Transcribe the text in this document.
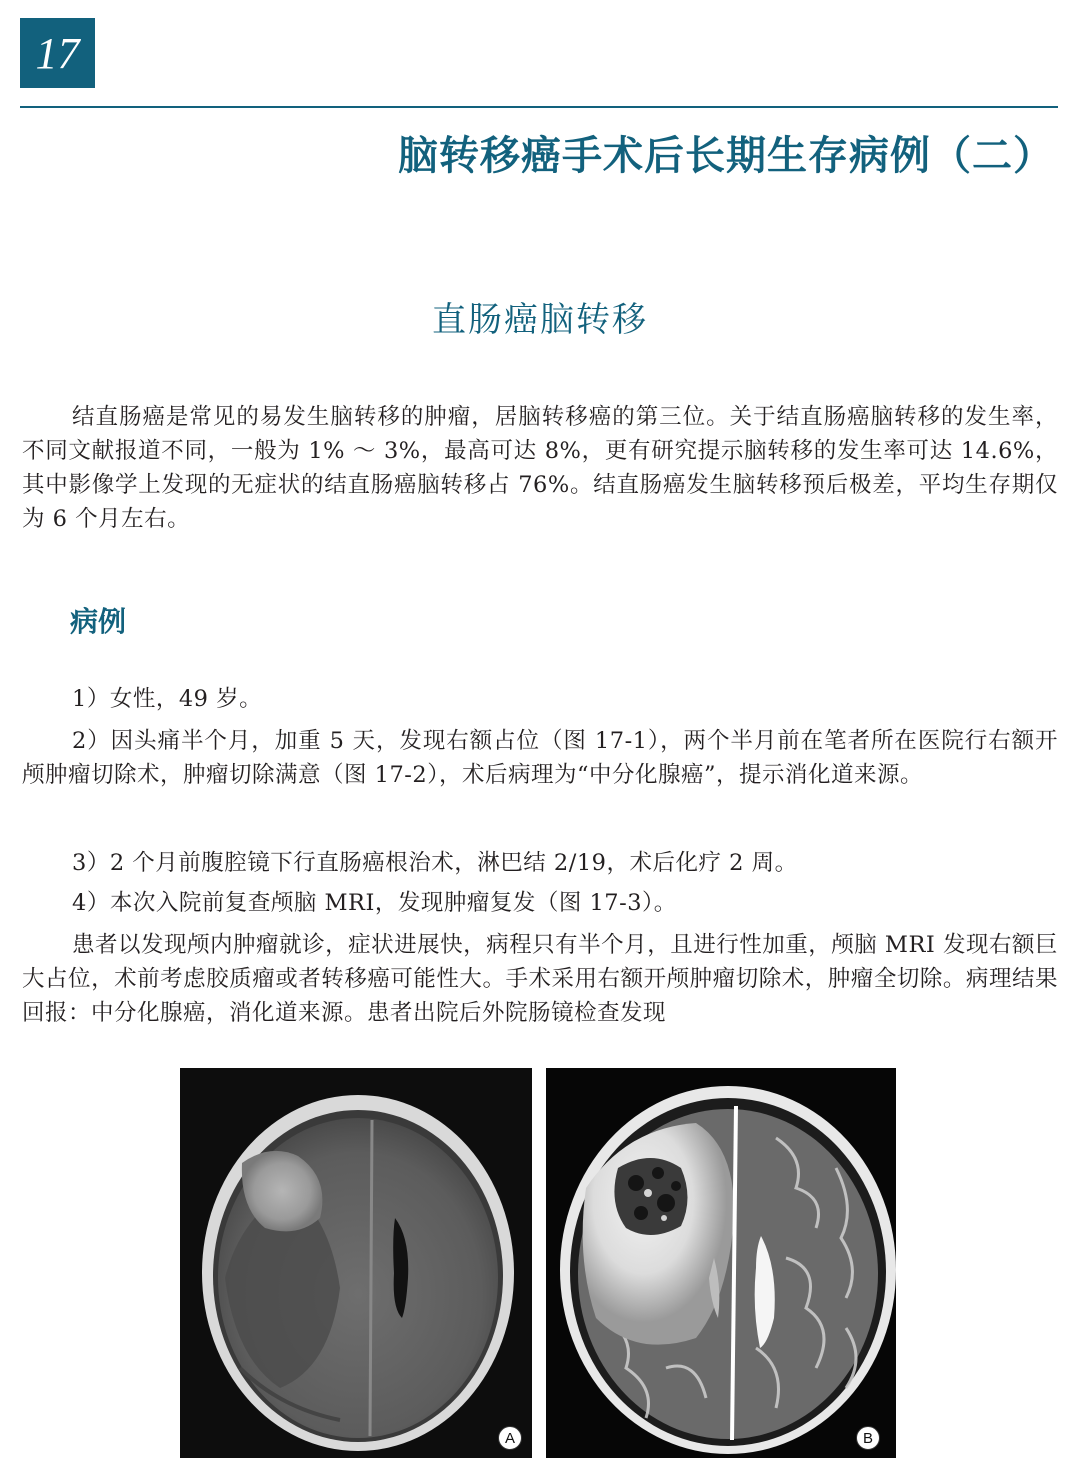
17
脑转移癌手术后长期生存病例（二）
直肠癌脑转移

结直肠癌是常见的易发生脑转移的肿瘤，居脑转移癌的第三位。关于结直肠癌脑转移的发生率，不同文献报道不同，一般为 1% ～ 3%，最高可达 8%，更有研究提示脑转移的发生率可达 14.6%，其中影像学上发现的无症状的结直肠癌脑转移占 76%。结直肠癌发生脑转移预后极差，平均生存期仅为 6 个月左右。

病例

1）女性，49 岁。

2）因头痛半个月，加重 5 天，发现右额占位（图 17-1），两个半月前在笔者所在医院行右额开颅肿瘤切除术，肿瘤切除满意（图 17-2），术后病理为“中分化腺癌”，提示消化道来源。

3）2 个月前腹腔镜下行直肠癌根治术，淋巴结 2/19，术后化疗 2 周。

4）本次入院前复查颅脑 MRI，发现肿瘤复发（图 17-3）。

患者以发现颅内肿瘤就诊，症状进展快，病程只有半个月，且进行性加重，颅脑 MRI 发现右额巨大占位，术前考虑胶质瘤或者转移癌可能性大。手术采用右额开颅肿瘤切除术，肿瘤全切除。病理结果回报：中分化腺癌，消化道来源。患者出院后外院肠镜检查发现

A	B
